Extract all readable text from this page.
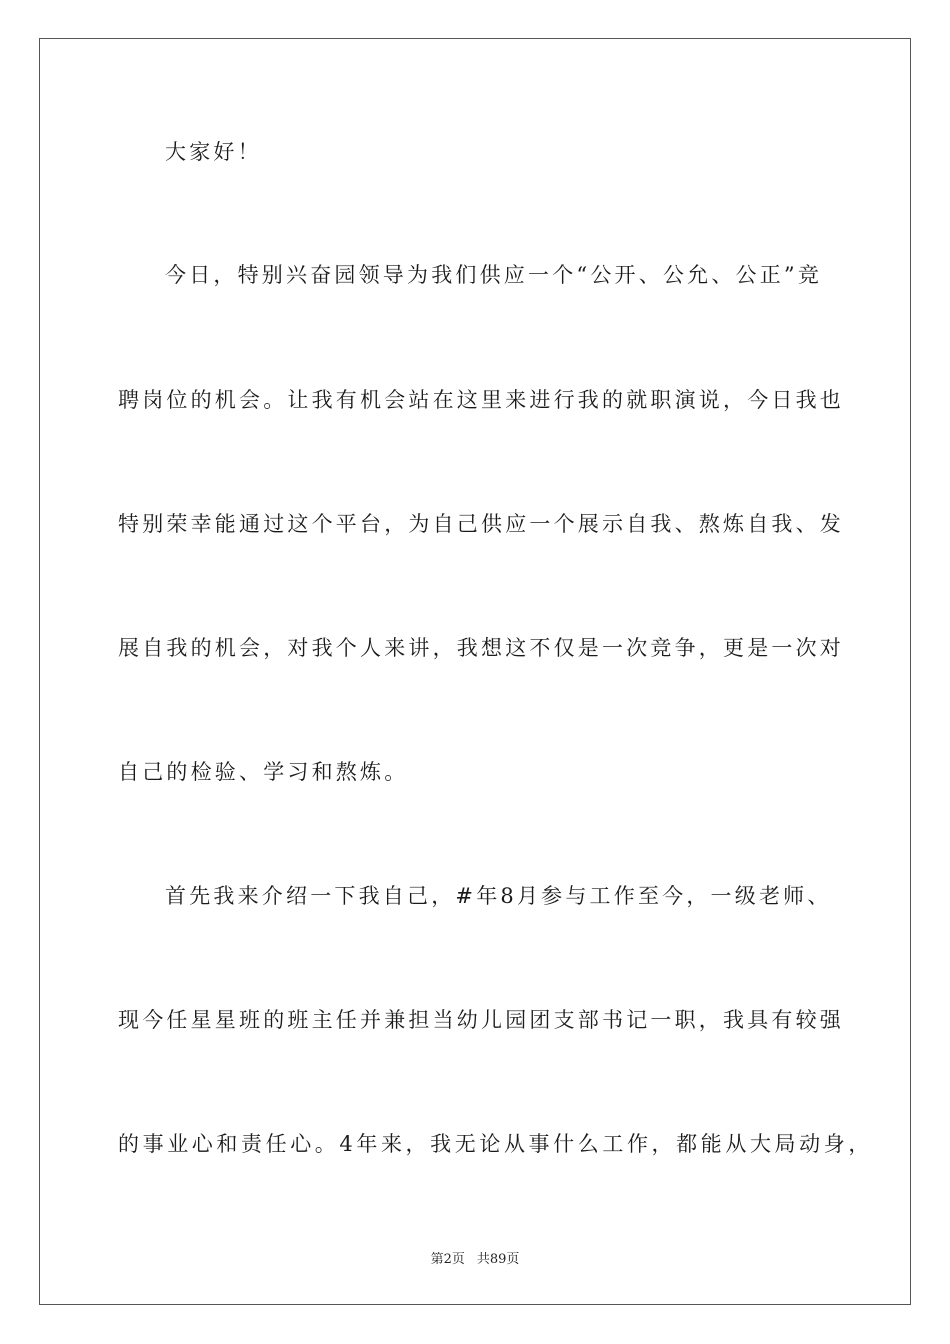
大家好！
今日，特别兴奋园领导为我们供应一个“公开、公允、公正”竞
聘岗位的机会。让我有机会站在这里来进行我的就职演说，今日我也
特别荣幸能通过这个平台，为自己供应一个展示自我、熬炼自我、发
展自我的机会，对我个人来讲，我想这不仅是一次竞争，更是一次对
自己的检验、学习和熬炼。
首先我来介绍一下我自己，#年8月参与工作至今，一级老师、
现今任星星班的班主任并兼担当幼儿园团支部书记一职，我具有较强
的事业心和责任心。4年来，我无论从事什么工作，都能从大局动身，
第2页 共89页
